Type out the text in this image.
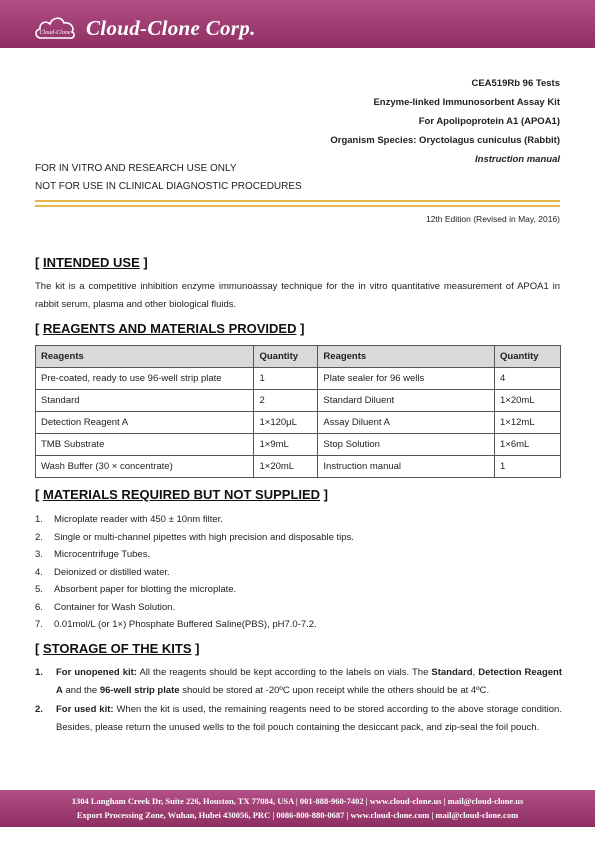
Cloud-Clone Cloud-Clone Corp.
CEA519Rb 96 Tests
Enzyme-linked Immunosorbent Assay Kit
For Apolipoprotein A1 (APOA1)
Organism Species: Oryctolagus cuniculus (Rabbit)
Instruction manual
FOR IN VITRO AND RESEARCH USE ONLY
NOT FOR USE IN CLINICAL DIAGNOSTIC PROCEDURES
12th Edition (Revised in May, 2016)
[ INTENDED USE ]
The kit is a competitive inhibition enzyme immunoassay technique for the in vitro quantitative measurement of APOA1 in rabbit serum, plasma and other biological fluids.
[ REAGENTS AND MATERIALS PROVIDED ]
Reagents	Quantity	Reagents	Quantity
Pre-coated, ready to use 96-well strip plate	1	Plate sealer for 96 wells	4
Standard	2	Standard Diluent	1×20mL
Detection Reagent A	1×120μL	Assay Diluent A	1×12mL
TMB Substrate	1×9mL	Stop Solution	1×6mL
Wash Buffer (30 × concentrate)	1×20mL	Instruction manual	1
[ MATERIALS REQUIRED BUT NOT SUPPLIED ]
1. Microplate reader with 450 ± 10nm filter.
2. Single or multi-channel pipettes with high precision and disposable tips.
3. Microcentrifuge Tubes.
4. Deionized or distilled water.
5. Absorbent paper for blotting the microplate.
6. Container for Wash Solution.
7. 0.01mol/L (or 1×) Phosphate Buffered Saline(PBS), pH7.0-7.2.
[ STORAGE OF THE KITS ]
1. For unopened kit: All the reagents should be kept according to the labels on vials. The Standard, Detection Reagent A and the 96-well strip plate should be stored at -20ºC upon receipt while the others should be at 4ºC.
2. For used kit: When the kit is used, the remaining reagents need to be stored according to the above storage condition. Besides, please return the unused wells to the foil pouch containing the desiccant pack, and zip-seal the foil pouch.
1304 Langham Creek Dr, Suite 226, Houston, TX 77084, USA | 001-888-960-7402 | www.cloud-clone.us | mail@cloud-clone.us
Export Processing Zone, Wuhan, Hubei 430056, PRC | 0086-800-880-0687 | www.cloud-clone.com | mail@cloud-clone.com
